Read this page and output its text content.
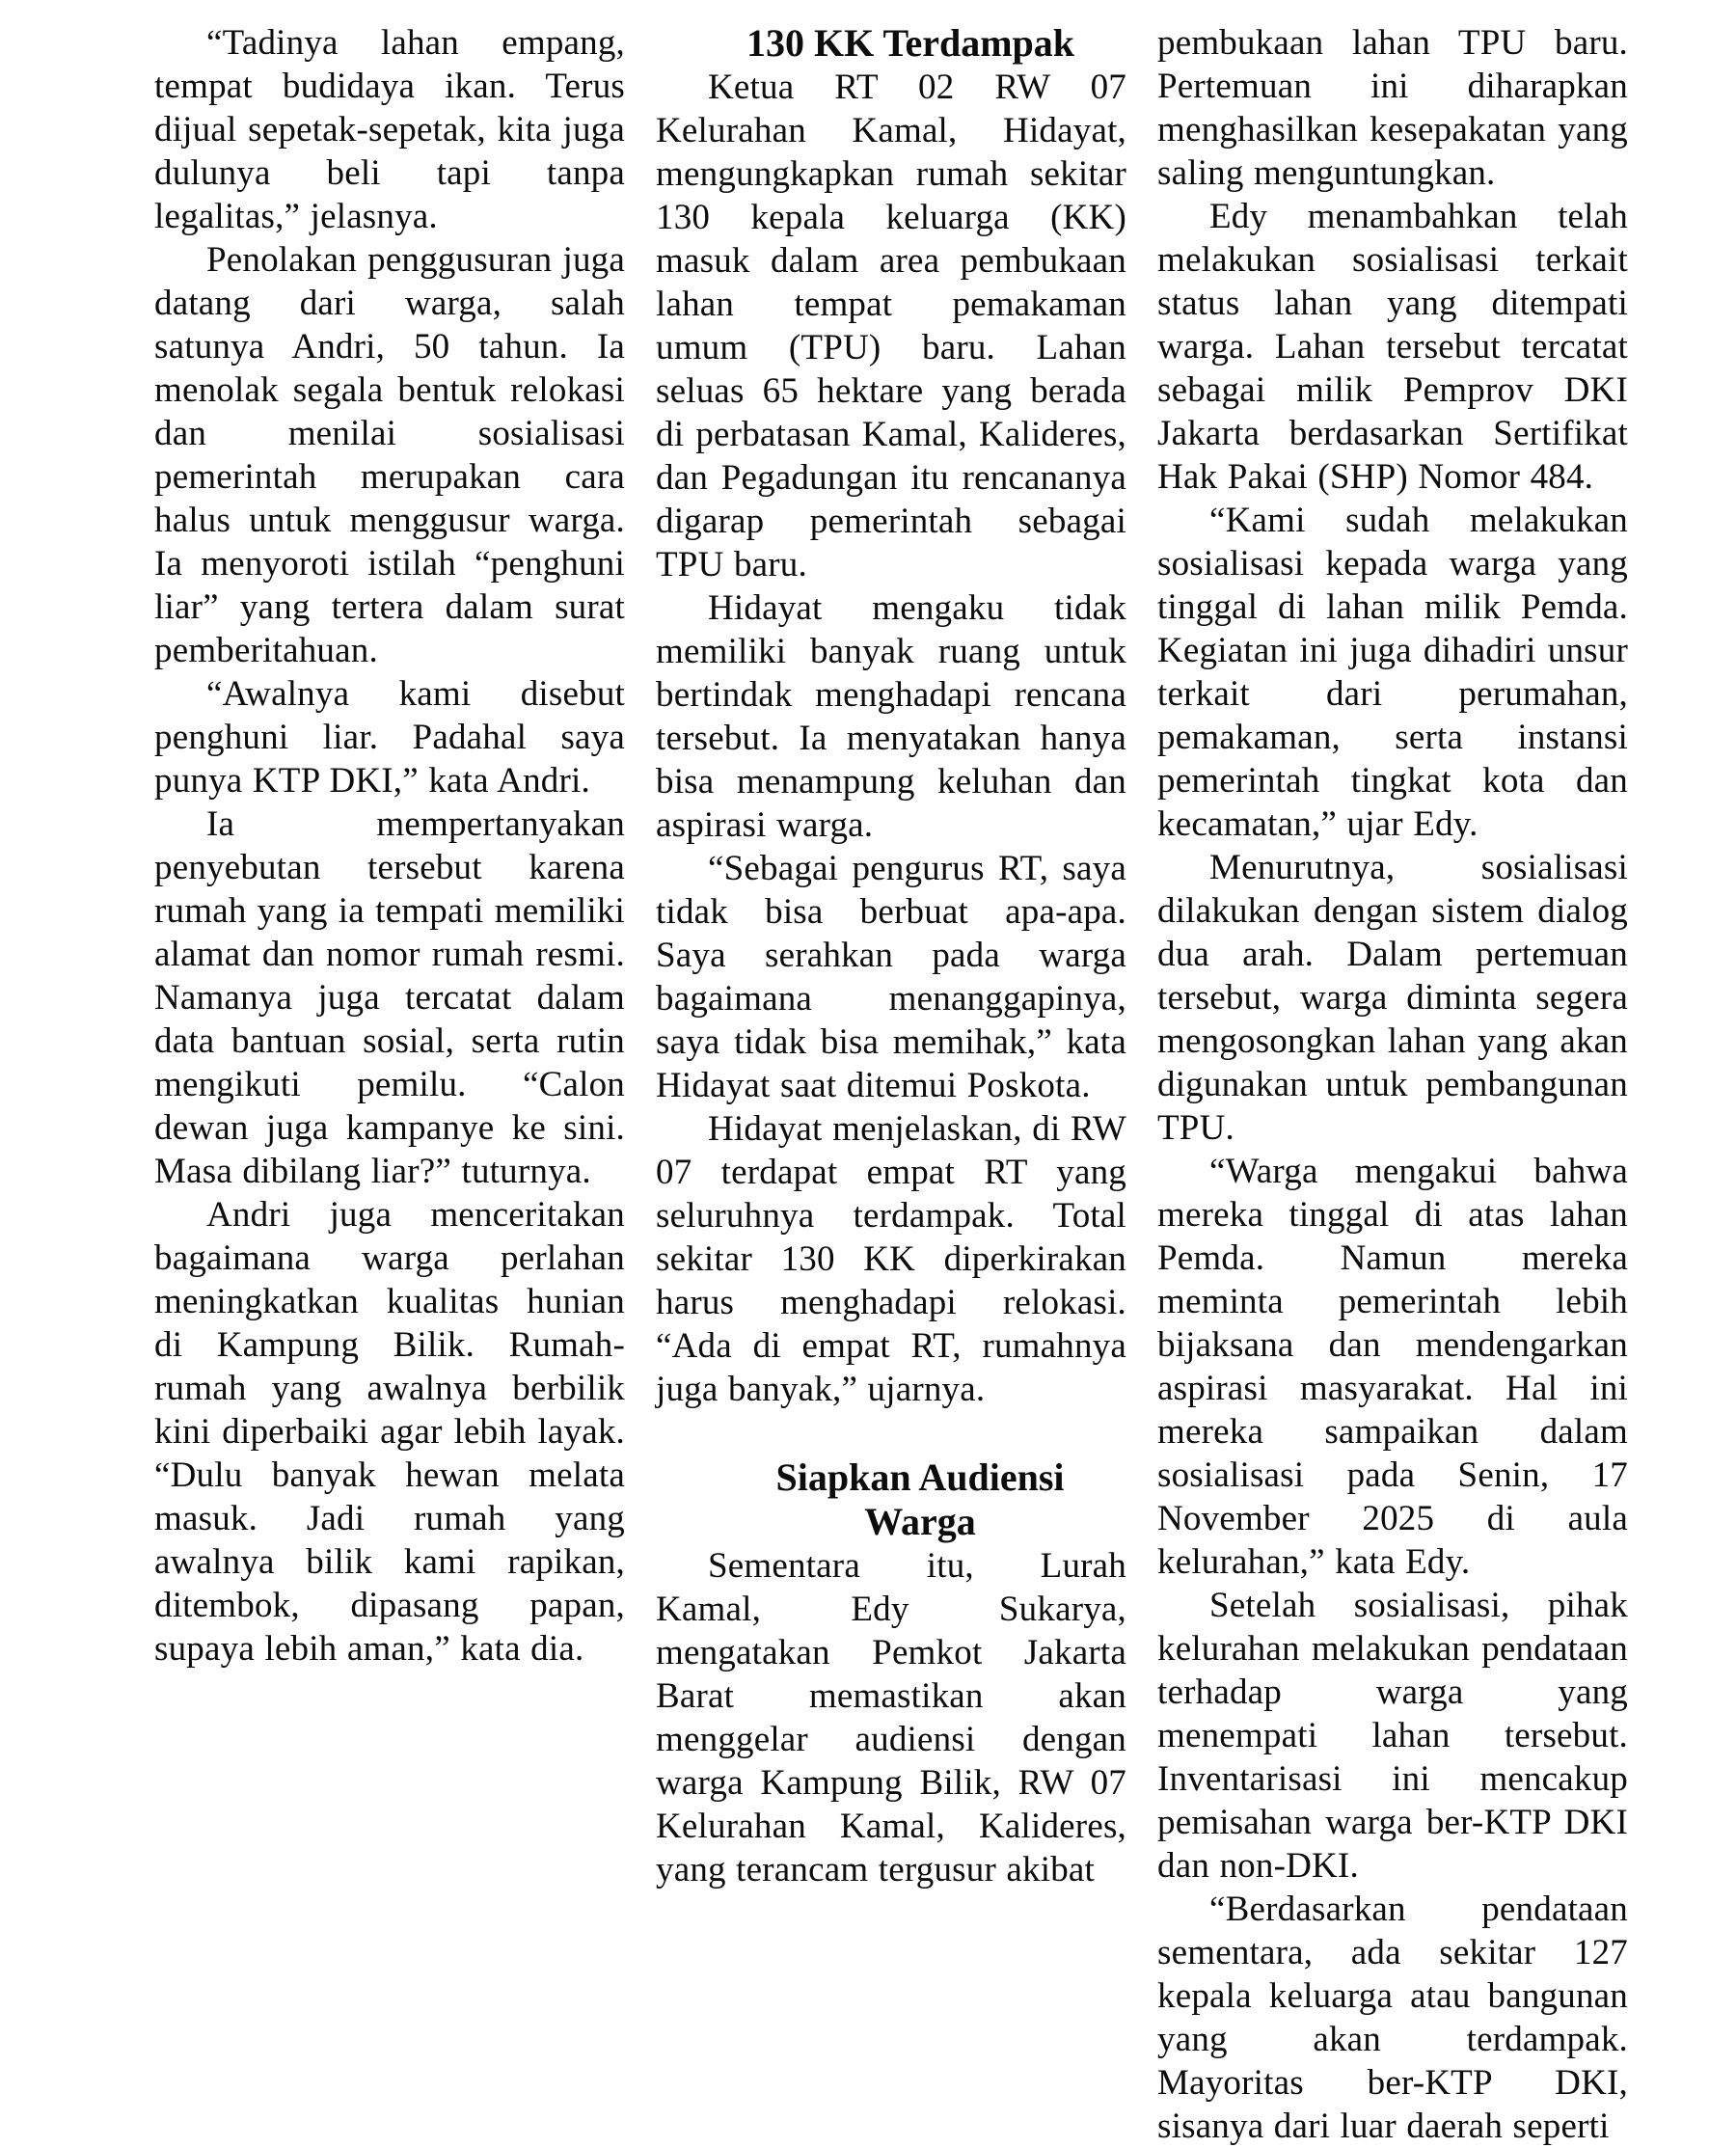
“Tadinya lahan empang, tempat budidaya ikan. Terus dijual sepetak-sepetak, kita juga dulunya beli tapi tanpa legalitas,” jelasnya.

Penolakan penggusuran juga datang dari warga, salah satunya Andri, 50 tahun. Ia menolak segala bentuk relokasi dan menilai sosialisasi pemerintah merupakan cara halus untuk menggusur warga. Ia menyoroti istilah “penghuni liar” yang tertera dalam surat pemberitahuan.

“Awalnya kami disebut penghuni liar. Padahal saya punya KTP DKI,” kata Andri.

Ia mempertanyakan penyebutan tersebut karena rumah yang ia tempati memiliki alamat dan nomor rumah resmi. Namanya juga tercatat dalam data bantuan sosial, serta rutin mengikuti pemilu. “Calon dewan juga kampanye ke sini. Masa dibilang liar?” tuturnya.

Andri juga menceritakan bagaimana warga perlahan meningkatkan kualitas hunian di Kampung Bilik. Rumah-rumah yang awalnya berbilik kini diperbaiki agar lebih layak. “Dulu banyak hewan melata masuk. Jadi rumah yang awalnya bilik kami rapikan, ditembok, dipasang papan, supaya lebih aman,” kata dia.

130 KK Terdampak

Ketua RT 02 RW 07 Kelurahan Kamal, Hidayat, mengungkapkan rumah sekitar 130 kepala keluarga (KK) masuk dalam area pembukaan lahan tempat pemakaman umum (TPU) baru. Lahan seluas 65 hektare yang berada di perbatasan Kamal, Kalideres, dan Pegadungan itu rencananya digarap pemerintah sebagai TPU baru.

Hidayat mengaku tidak memiliki banyak ruang untuk bertindak menghadapi rencana tersebut. Ia menyatakan hanya bisa menampung keluhan dan aspirasi warga.

“Sebagai pengurus RT, saya tidak bisa berbuat apa-apa. Saya serahkan pada warga bagaimana menanggapinya, saya tidak bisa memihak,” kata Hidayat saat ditemui Poskota.

Hidayat menjelaskan, di RW 07 terdapat empat RT yang seluruhnya terdampak. Total sekitar 130 KK diperkirakan harus menghadapi relokasi. “Ada di empat RT, rumahnya juga banyak,” ujarnya.

Siapkan Audiensi Warga

Sementara itu, Lurah Kamal, Edy Sukarya, mengatakan Pemkot Jakarta Barat memastikan akan menggelar audiensi dengan warga Kampung Bilik, RW 07 Kelurahan Kamal, Kalideres, yang terancam tergusur akibat

pembukaan lahan TPU baru. Pertemuan ini diharapkan menghasilkan kesepakatan yang saling menguntungkan.

Edy menambahkan telah melakukan sosialisasi terkait status lahan yang ditempati warga. Lahan tersebut tercatat sebagai milik Pemprov DKI Jakarta berdasarkan Sertifikat Hak Pakai (SHP) Nomor 484.

“Kami sudah melakukan sosialisasi kepada warga yang tinggal di lahan milik Pemda. Kegiatan ini juga dihadiri unsur terkait dari perumahan, pemakaman, serta instansi pemerintah tingkat kota dan kecamatan,” ujar Edy.

Menurutnya, sosialisasi dilakukan dengan sistem dialog dua arah. Dalam pertemuan tersebut, warga diminta segera mengosongkan lahan yang akan digunakan untuk pembangunan TPU.

“Warga mengakui bahwa mereka tinggal di atas lahan Pemda. Namun mereka meminta pemerintah lebih bijaksana dan mendengarkan aspirasi masyarakat. Hal ini mereka sampaikan dalam sosialisasi pada Senin, 17 November 2025 di aula kelurahan,” kata Edy.

Setelah sosialisasi, pihak kelurahan melakukan pendataan terhadap warga yang menempati lahan tersebut. Inventarisasi ini mencakup pemisahan warga ber-KTP DKI dan non-DKI.

“Berdasarkan pendataan sementara, ada sekitar 127 kepala keluarga atau bangunan yang akan terdampak. Mayoritas ber-KTP DKI, sisanya dari luar daerah seperti
